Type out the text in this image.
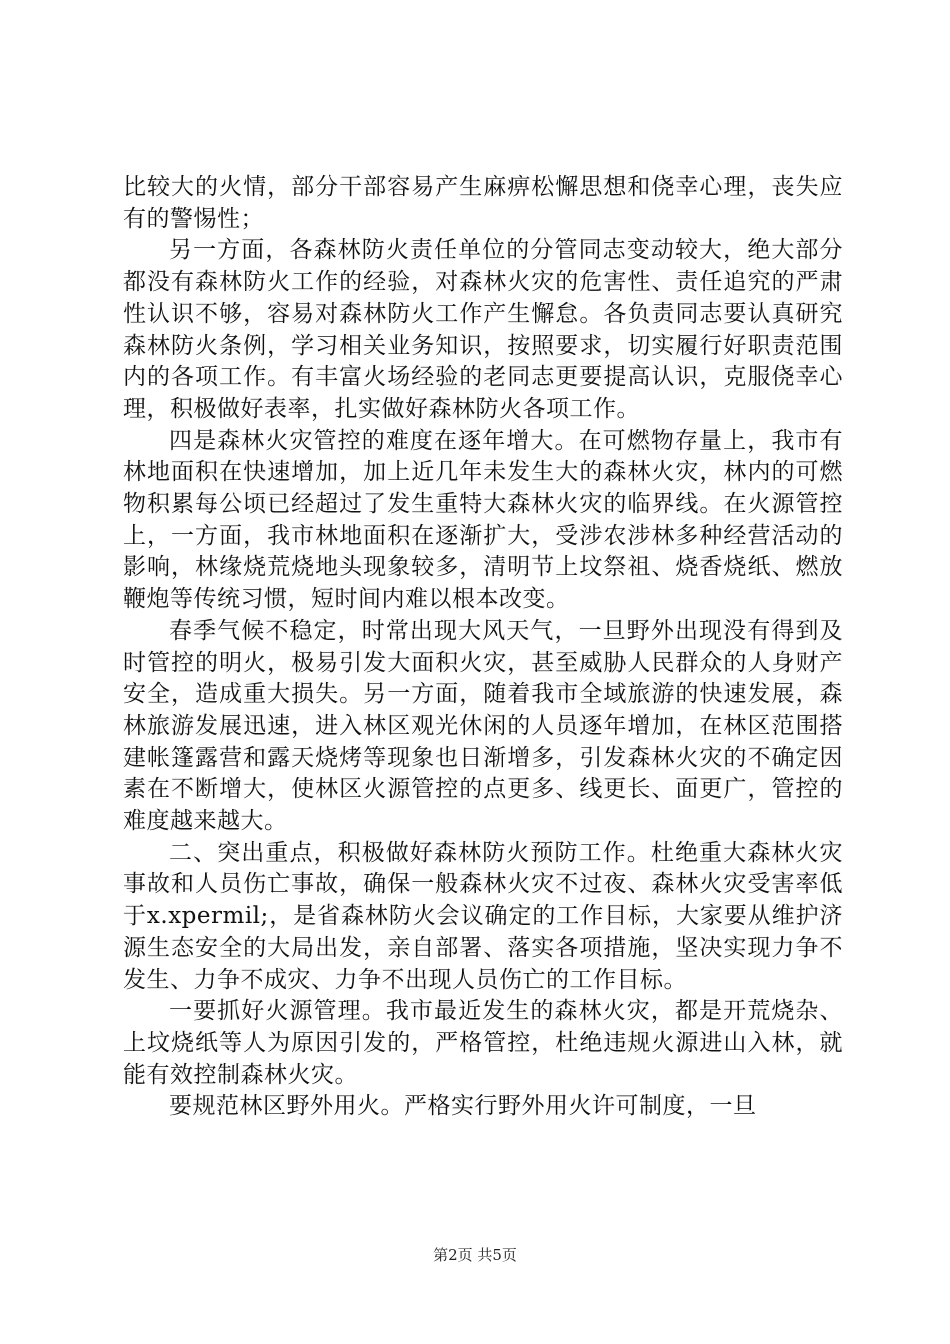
比较大的火情，部分干部容易产生麻痹松懈思想和侥幸心理，丧失应有的警惕性；

另一方面，各森林防火责任单位的分管同志变动较大，绝大部分都没有森林防火工作的经验，对森林火灾的危害性、责任追究的严肃性认识不够，容易对森林防火工作产生懈怠。各负责同志要认真研究森林防火条例，学习相关业务知识，按照要求，切实履行好职责范围内的各项工作。有丰富火场经验的老同志更要提高认识，克服侥幸心理，积极做好表率，扎实做好森林防火各项工作。

四是森林火灾管控的难度在逐年增大。在可燃物存量上，我市有林地面积在快速增加，加上近几年未发生大的森林火灾，林内的可燃物积累每公顷已经超过了发生重特大森林火灾的临界线。在火源管控上，一方面，我市林地面积在逐渐扩大，受涉农涉林多种经营活动的影响，林缘烧荒烧地头现象较多，清明节上坟祭祖、烧香烧纸、燃放鞭炮等传统习惯，短时间内难以根本改变。

春季气候不稳定，时常出现大风天气，一旦野外出现没有得到及时管控的明火，极易引发大面积火灾，甚至威胁人民群众的人身财产安全，造成重大损失。另一方面，随着我市全域旅游的快速发展，森林旅游发展迅速，进入林区观光休闲的人员逐年增加，在林区范围搭建帐篷露营和露天烧烤等现象也日渐增多，引发森林火灾的不确定因素在不断增大，使林区火源管控的点更多、线更长、面更广，管控的难度越来越大。

二、突出重点，积极做好森林防火预防工作。杜绝重大森林火灾事故和人员伤亡事故，确保一般森林火灾不过夜、森林火灾受害率低于x.xpermil;，是省森林防火会议确定的工作目标，大家要从维护济源生态安全的大局出发，亲自部署、落实各项措施，坚决实现力争不发生、力争不成灾、力争不出现人员伤亡的工作目标。

一要抓好火源管理。我市最近发生的森林火灾，都是开荒烧杂、上坟烧纸等人为原因引发的，严格管控，杜绝违规火源进山入林，就能有效控制森林火灾。

要规范林区野外用火。严格实行野外用火许可制度，一旦

第2页 共5页
